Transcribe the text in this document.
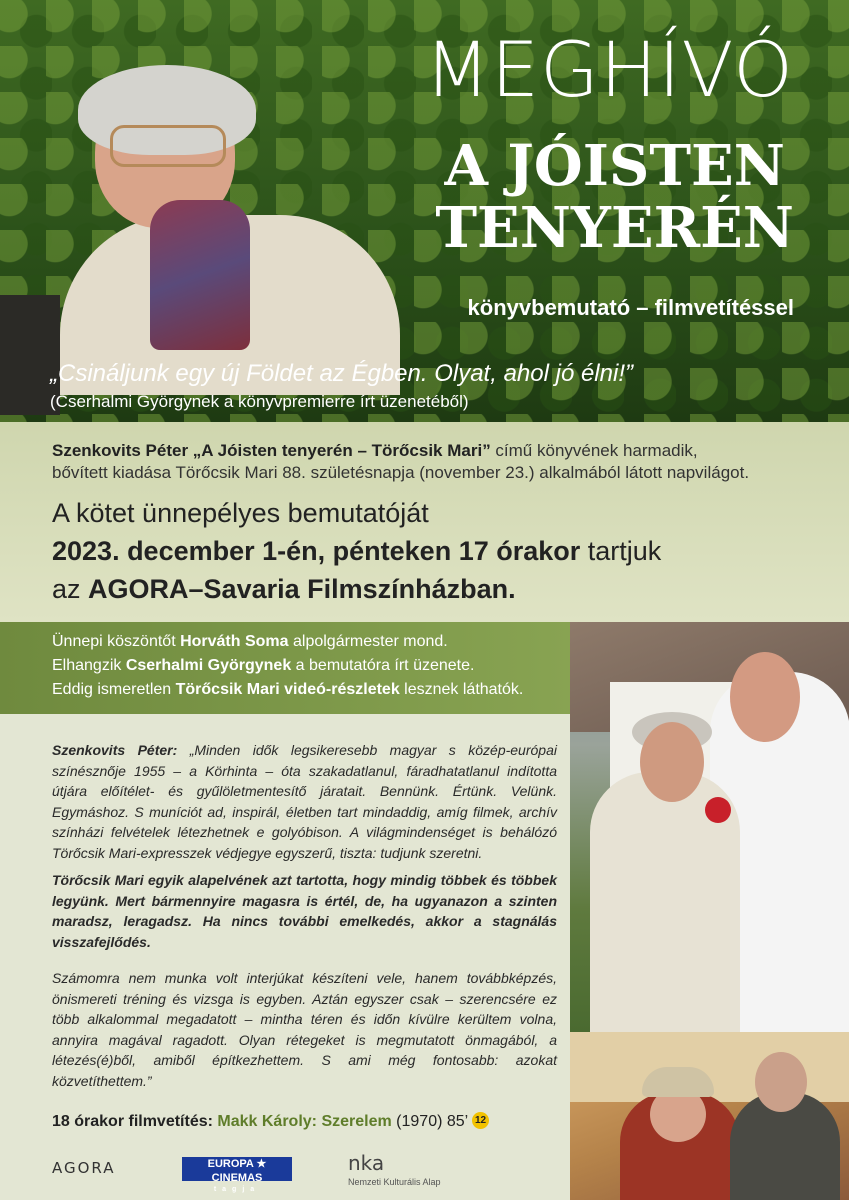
MEGHÍVÓ
A JÓISTEN
TENYERÉN
könyvbemutató – filmvetítéssel
„Csináljunk egy új Földet az Égben. Olyat, ahol jó élni!”
(Cserhalmi Györgynek a könyvpremierre írt üzenetéből)
Szenkovits Péter „A Jóisten tenyerén – Törőcsik Mari” című könyvének harmadik,
bővített kiadása Törőcsik Mari 88. születésnapja (november 23.) alkalmából látott napvilágot.
A kötet ünnepélyes bemutatóját
2023. december 1-én, pénteken 17 órakor tartjuk
az AGORA–Savaria Filmszínházban.
Ünnepi köszöntőt Horváth Soma alpolgármester mond.
Elhangzik Cserhalmi Györgynek a bemutatóra írt üzenete.
Eddig ismeretlen Törőcsik Mari videó-részletek lesznek láthatók.

Szenkovits Péter: „Minden idők legsikeresebb magyar s közép-európai színésznője 1955 – a Körhinta – óta szakadatlanul, fáradhatatlanul indította útjára előítélet- és gyűlöletmentesítő járatait. Bennünk. Értünk. Velünk. Egymáshoz. S muníciót ad, inspirál, életben tart mindaddig, amíg filmek, archív színházi felvételek létezhetnek e golyóbison. A világmindenséget is behálózó Törőcsik Mari-expresszek védjegye egyszerű, tiszta: tudjunk szeretni.

Törőcsik Mari egyik alapelvének azt tartotta, hogy mindig többek és többek legyünk. Mert bármennyire magasra is értél, de, ha ugyanazon a szinten maradsz, leragadsz. Ha nincs további emelkedés, akkor a stagnálás visszafejlődés.

Számomra nem munka volt interjúkat készíteni vele, hanem továbbképzés, önismereti tréning és vizsga is egyben. Aztán egyszer csak – szerencsére ez több alkalommal megadatott – mintha téren és időn kívülre kerültem volna, annyira magával ragadott. Olyan rétegeket is megmutatott önmagából, a létezés(é)ből, amiből építkezhettem. S ami még fontosabb: azokat közvetíthettem.”

18 órakor filmvetítés: Makk Károly: Szerelem (1970) 85’ 12
AGORA	EUROPA ★ CINEMAS
tagja
nka
Nemzeti Kulturális Alap
